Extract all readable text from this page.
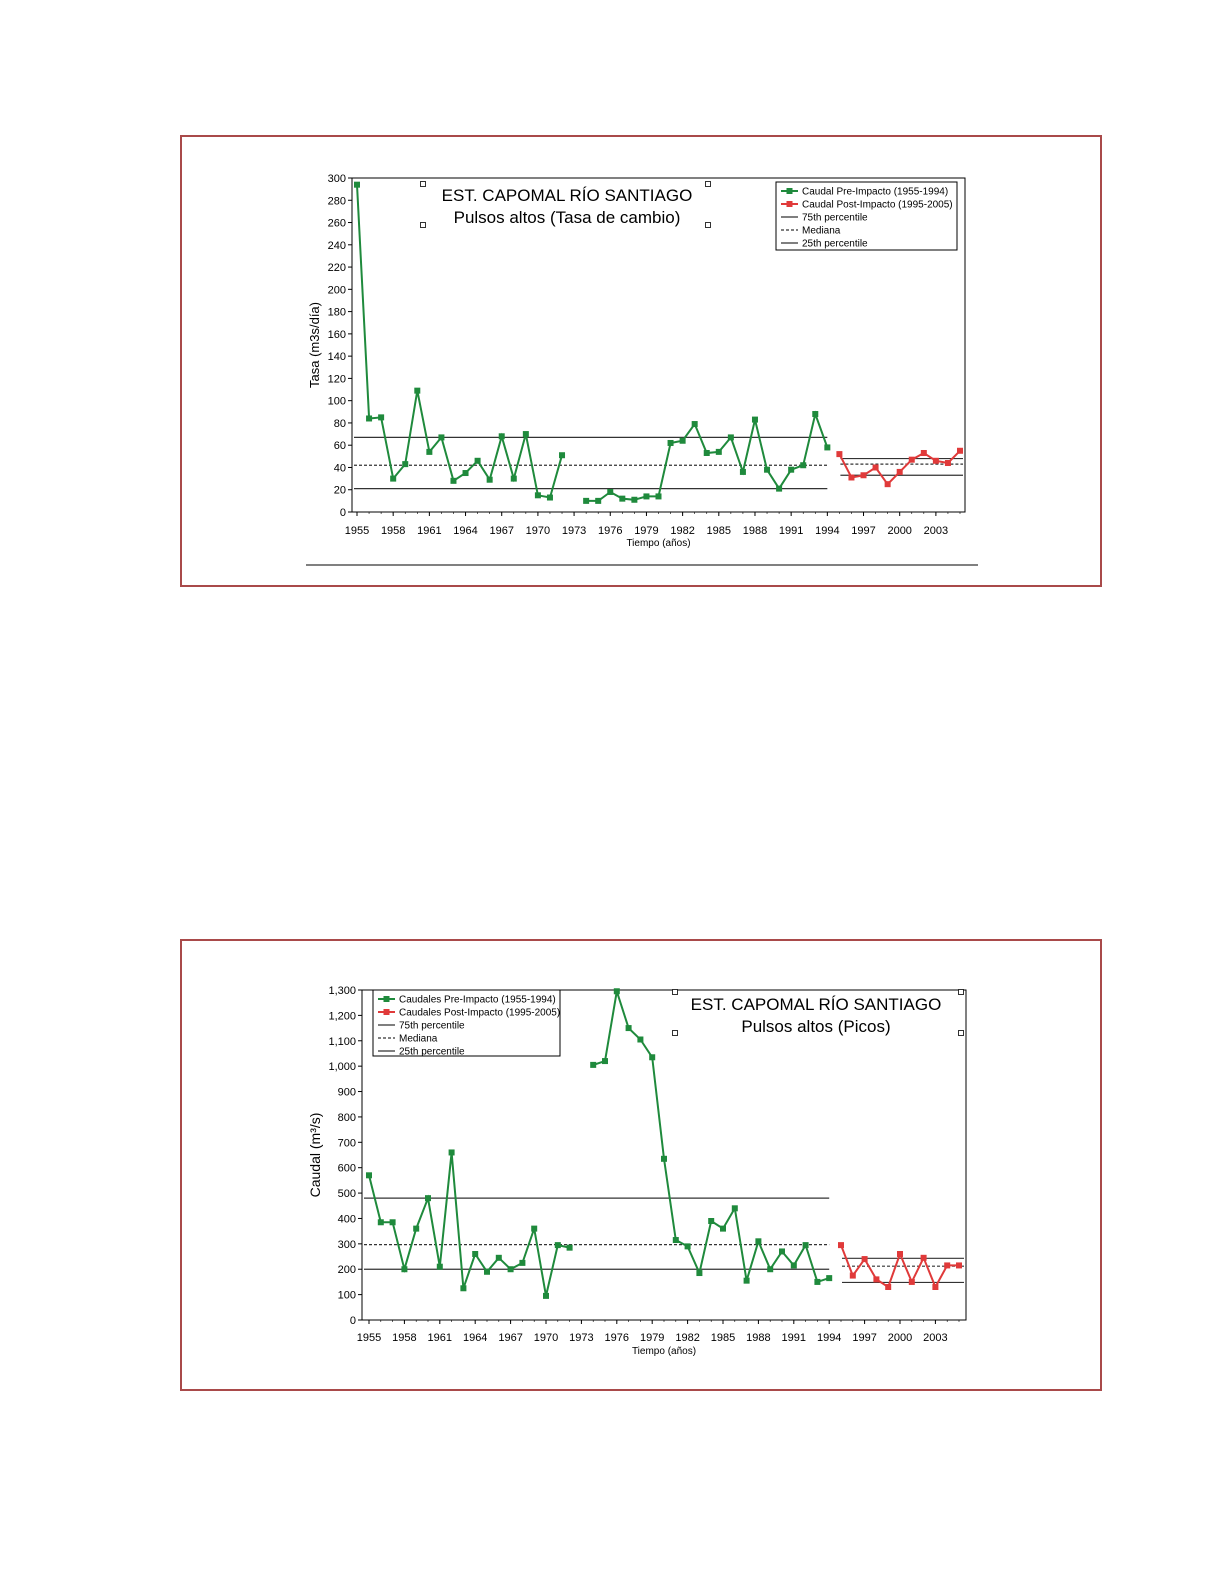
0
20
40
60
80
100
120
140
160
180
200
220
240
260
280
300
1955 1958 1961 1964 1967 1970 1973 1976 1979 1982 1985 1988 1991 1994 1997 2000 2003
Tiempo (años)
Tasa (m3s/día)
EST. CAPOMAL RÍO SANTIAGO
Pulsos altos (Tasa de cambio)
Caudal Pre-Impacto (1955-1994)
Caudal Post-Impacto (1995-2005)
75th percentile
Mediana
25th percentile
0
100
200
300
400
500
600
700
800
900
1,000
1,100
1,200
1,300
1955 1958 1961 1964 1967 1970 1973 1976 1979 1982 1985 1988 1991 1994 1997 2000 2003
Tiempo (años)
Caudal (m³/s)
EST. CAPOMAL RÍO SANTIAGO
Pulsos altos (Picos)
Caudales Pre-Impacto (1955-1994)
Caudales Post-Impacto (1995-2005)
75th percentile
Mediana
25th percentile
